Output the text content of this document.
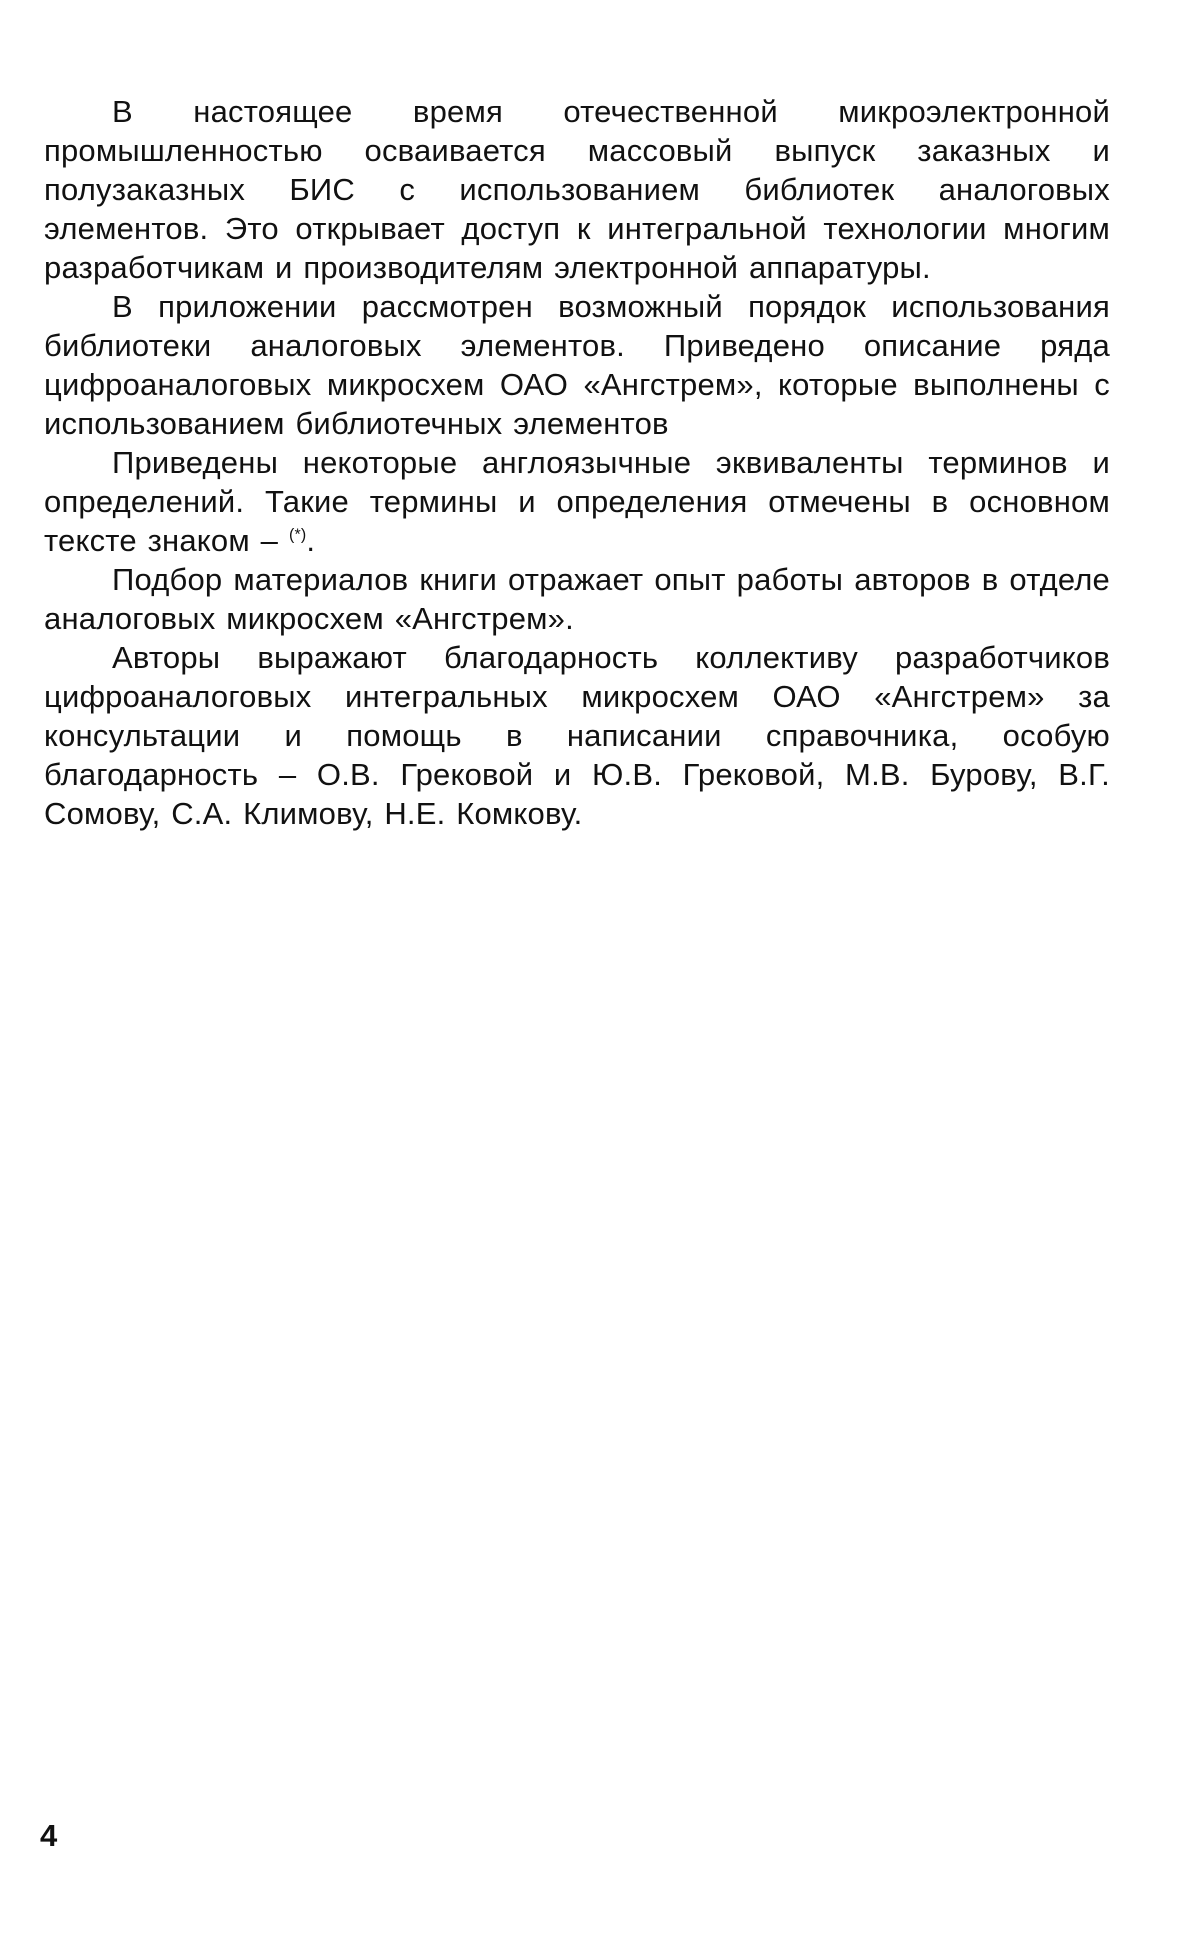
В настоящее время отечественной микроэлектронной промышленностью осваивается массовый выпуск заказных и полузаказных БИС с использованием библиотек аналоговых элементов. Это открывает доступ к интегральной технологии многим разработчикам и производителям электронной аппаратуры.

В приложении рассмотрен возможный порядок использования библиотеки аналоговых элементов. Приведено описание ряда цифроаналоговых микросхем ОАО «Ангстрем», которые выполнены с использованием библиотечных элементов

Приведены некоторые англоязычные эквиваленты терминов и определений. Такие термины и определения отмечены в основном тексте знаком – (*).

Подбор материалов книги отражает опыт работы авторов в отделе аналоговых микросхем «Ангстрем».

Авторы выражают благодарность коллективу разработчиков цифроаналоговых интегральных микросхем ОАО «Ангстрем» за консультации и помощь в написании справочника, особую благодарность – О.В. Грековой и Ю.В. Грековой, М.В. Бурову, В.Г. Сомову, С.А. Климову, Н.Е. Комкову.

4
